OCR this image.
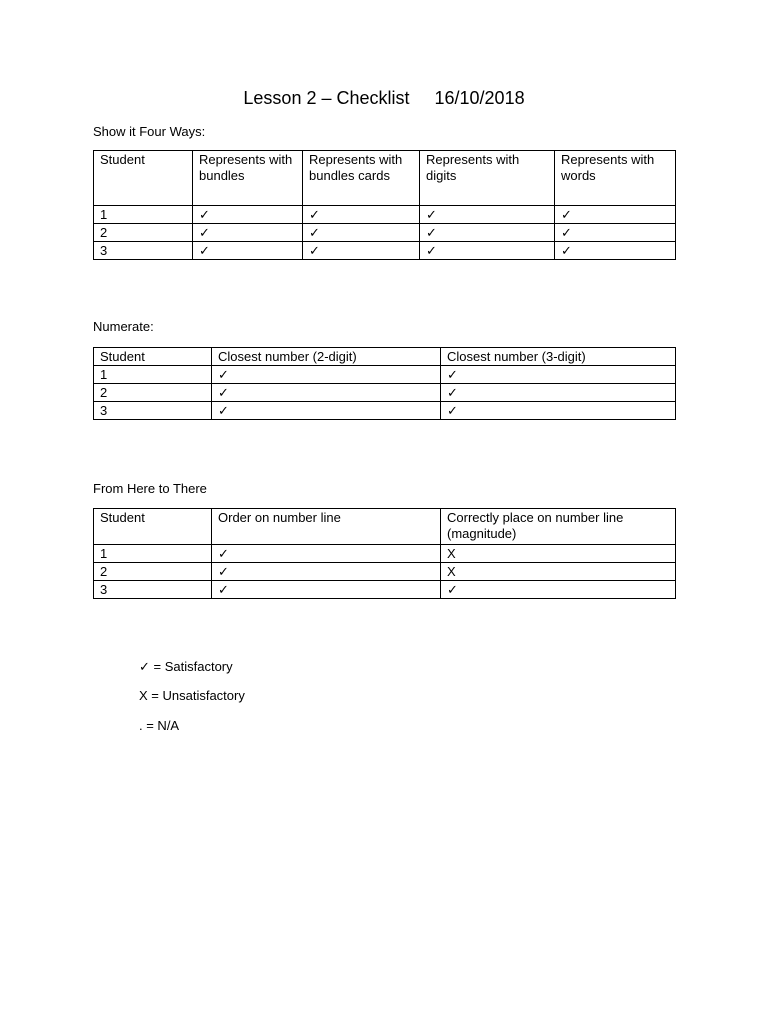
Lesson 2 – Checklist     16/10/2018
Show it Four Ways:
Student	Represents with bundles	Represents with bundles cards	Represents with digits	Represents with words
1	✓	✓	✓	✓
2	✓	✓	✓	✓
3	✓	✓	✓	✓
Numerate:
Student	Closest number (2-digit)	Closest number (3-digit)
1	✓	✓
2	✓	✓
3	✓	✓
From Here to There
Student	Order on number line	Correctly place on number line (magnitude)
1	✓	X
2	✓	X
3	✓	✓
✓ = Satisfactory
X = Unsatisfactory
. = N/A
